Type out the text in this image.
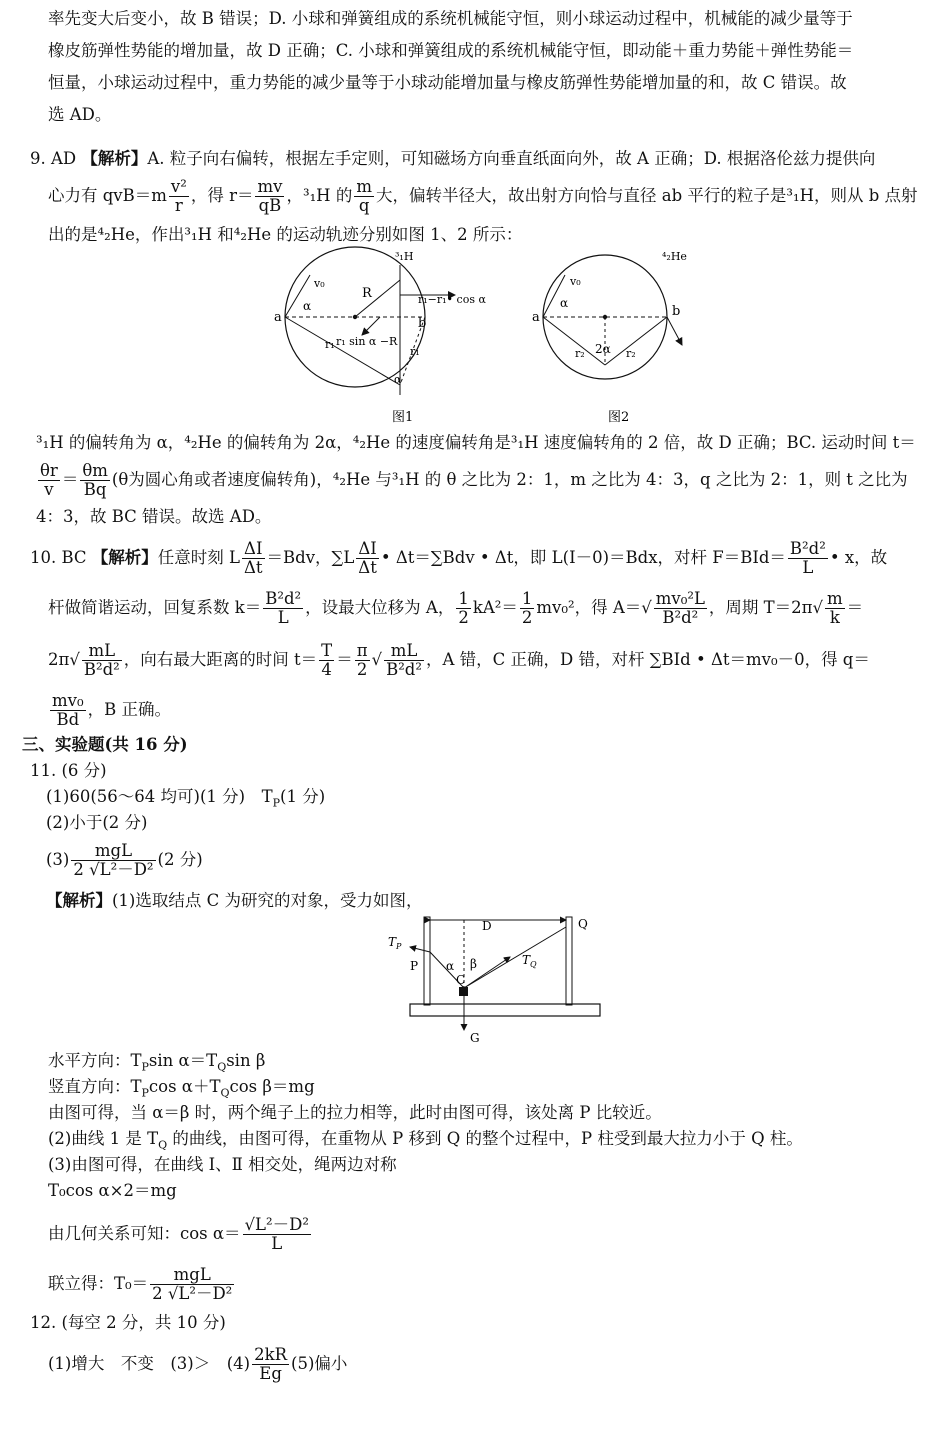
率先变大后变小，故 B 错误；D. 小球和弹簧组成的系统机械能守恒，则小球运动过程中，机械能的减少量等于
橡皮筋弹性势能的增加量，故 D 正确；C. 小球和弹簧组成的系统机械能守恒，即动能＋重力势能＋弹性势能＝
恒量，小球运动过程中，重力势能的减少量等于小球动能增加量与橡皮筋弹性势能增加量的和，故 C 错误。故
选 AD。
9. AD 【解析】A. 粒子向右偏转，根据左手定则，可知磁场方向垂直纸面向外，故 A 正确；D. 根据洛伦兹力提供向
心力有 $qvB=m \frac{\text{v²}}{r}$ ，得 $r= \frac{mv}{qB}$ ，³₁H 的 $\frac{m}{q}$ 大，偏转半径大，故出射方向恰与直径 ab 平行的粒子是³₁H，则从 b 点射
出的是⁴₂He，作出³₁H 和⁴₂He 的运动轨迹分别如图 1、2 所示：
³₁H
v₀
α
R
a	b
r₁
r₁
r₁−r₁• cos α
r₁ sin α −R
α
图1
⁴₂He
v₀
α
a	b
r₂	r₂
2α
图2
³₁H 的偏转角为 α，⁴₂He 的偏转角为 2α，⁴₂He 的速度偏转角是³₁H 速度偏转角的 2 倍，故 D 正确；BC. 运动时间 t＝
$\frac{\theta r}{v} = \frac{\theta m}{Bq} (\theta$为圆心角或者速度偏转角)，⁴₂He 与³₁H 的 θ 之比为 2：1，m 之比为 4：3，q 之比为 2：1，则 t 之比为
4：3，故 BC 错误。故选 AD。
10. BC 【解析】任意时刻 L $\frac{\Delta I}{\Delta t} =Bdv$，$\sum L \frac{\Delta I}{\Delta t}$ • Δt＝∑Bdv • Δt，即 L(I－0)＝Bdx，对杆 $F=BId= \frac{\text{B²d²}}{L}$ • x，故
杆做简谐运动，回复系数 $k= \frac{\text{B²d²}}{L}$ ，设最大位移为 A， $\frac{1}{2} kA^2= \frac{1}{2} mv_0^2$，得 $A=√ \frac{\text{mv₀²L}}{\text{B²d²}}$ ，周期 $T=2\pi√ \frac{m}{k}$ ＝
$2\pi√ \frac{mL}{\text{B²d²}}$ ，向右最大距离的时间 $t= \frac{T}{4} = \frac{\pi}{2}$ √ $\frac{mL}{\text{B²d²}}$ ，A 错，C 正确，D 错，对杆 ∑BId • Δt＝mv₀－0，得 q＝
$\frac{\text{mv₀}}{Bd}$ ，B 正确。
三、实验题(共 16 分)
11. (6 分)
(1)60(56～64 均可)(1 分)　$T_P(1$ 分)
(2)小于(2 分)
$(3) \frac{\text{mgL}}{\text{2 √L²－D²}} (2$ 分)
【解析】(1)选取结点 C 为研究的对象，受力如图，
D	Q
P
$T_P$
$T_Q$
C
α β
G
水平方向：$T_P\sin$ $\alpha=T_Q\sin$ β
竖直方向：$T_P\cos$ $\alpha+T_Q\cos$ β＝mg
由图可得，当 α＝β 时，两个绳子上的拉力相等，此时由图可得，该处离 P 比较近。
(2)曲线 1 是 $T_Q$ 的曲线，由图可得，在重物从 P 移到 Q 的整个过程中，P 柱受到最大拉力小于 Q 柱。
(3)由图可得，在曲线 Ⅰ、Ⅱ 相交处，绳两边对称
T₀cos α×2＝mg
由几何关系可知：$\cos \alpha= \frac{\text{√L²－D²}}{L}$
联立得：$T_0= \frac{\text{mgL}}{\text{2 √L²－D²}}$
12. (每空 2 分，共 10 分)
(1)增大　不变　(3)＞　$(4) \frac{2kR}{Eg} (5)$偏小
